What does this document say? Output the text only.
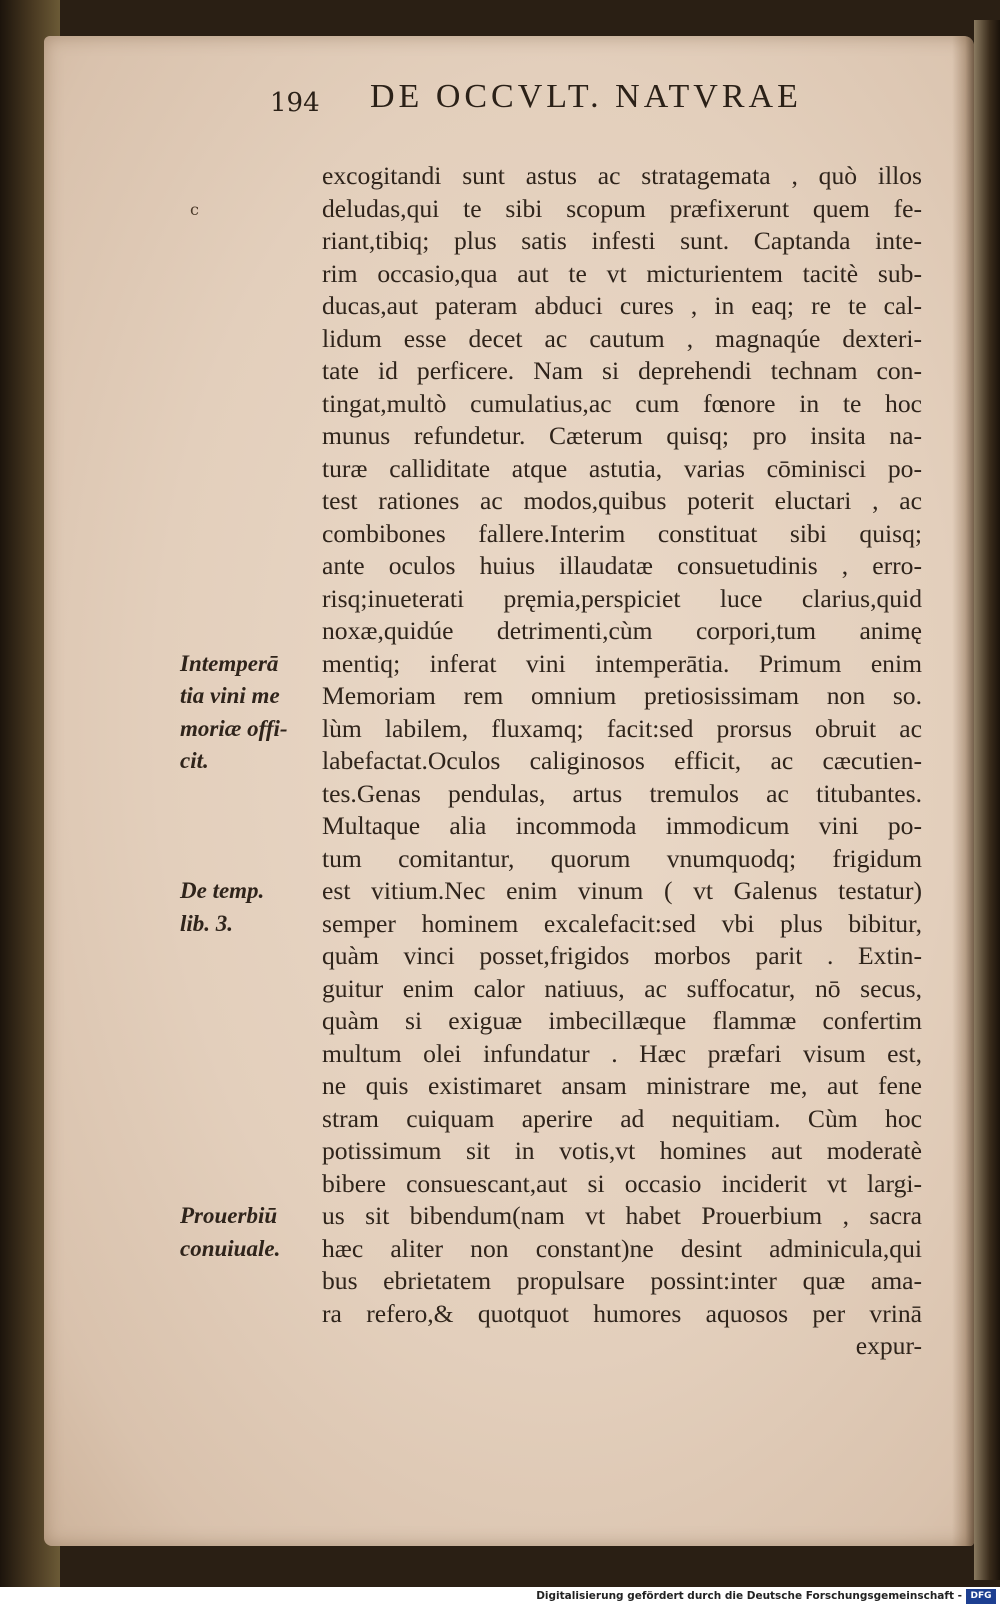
194 DE OCCVLT. NATVRAE
c
excogitandi sunt astus ac stratagemata , quò illos
deludas,qui te sibi scopum præfixerunt quem fe-
riant,tibiq; plus satis infesti sunt. Captanda inte-
rim occasio,qua aut te vt micturientem tacitè sub-
ducas,aut pateram abduci cures , in eaq; re te cal-
lidum esse decet ac cautum , magnaqúe dexteri-
tate id perficere. Nam si deprehendi technam con-
tingat,multò cumulatius,ac cum fœnore in te hoc
munus refundetur. Cæterum quisq; pro insita na-
turæ calliditate atque astutia, varias cōminisci po-
test rationes ac modos,quibus poterit eluctari , ac
combibones fallere.Interim constituat sibi quisq;
ante oculos huius illaudatæ consuetudinis , erro-
risq;inueterati pręmia,perspiciet luce clarius,quid
noxæ,quidúe detrimenti,cùm corpori,tum animę
mentiq; inferat vini intemperātia. Primum enim
Memoriam rem omnium pretiosissimam non so.
lùm labilem, fluxamq; facit:sed prorsus obruit ac
labefactat.Oculos caliginosos efficit, ac cæcutien-
tes.Genas pendulas, artus tremulos ac titubantes.
Multaque alia incommoda immodicum vini po-
tum comitantur, quorum vnumquodq; frigidum
est vitium.Nec enim vinum ( vt Galenus testatur)
semper hominem excalefacit:sed vbi plus bibitur,
quàm vinci posset,frigidos morbos parit . Extin-
guitur enim calor natiuus, ac suffocatur, nō secus,
quàm si exiguæ imbecillæque flammæ confertim
multum olei infundatur . Hæc præfari visum est,
ne quis existimaret ansam ministrare me, aut fene
stram cuiquam aperire ad nequitiam. Cùm hoc
potissimum sit in votis,vt homines aut moderatè
bibere consuescant,aut si occasio inciderit vt largi-
us sit bibendum(nam vt habet Prouerbium , sacra
hæc aliter non constant)ne desint adminicula,qui
bus ebrietatem propulsare possint:inter quæ ama-
ra refero,& quotquot humores aquosos per vrinā
expur-
Intemperā
tia vini me
moriæ offi-
cit.
De temp.
lib. 3.
Prouerbiū
conuiuale.
Digitalisierung gefördert durch die Deutsche Forschungsgemeinschaft - DFG
